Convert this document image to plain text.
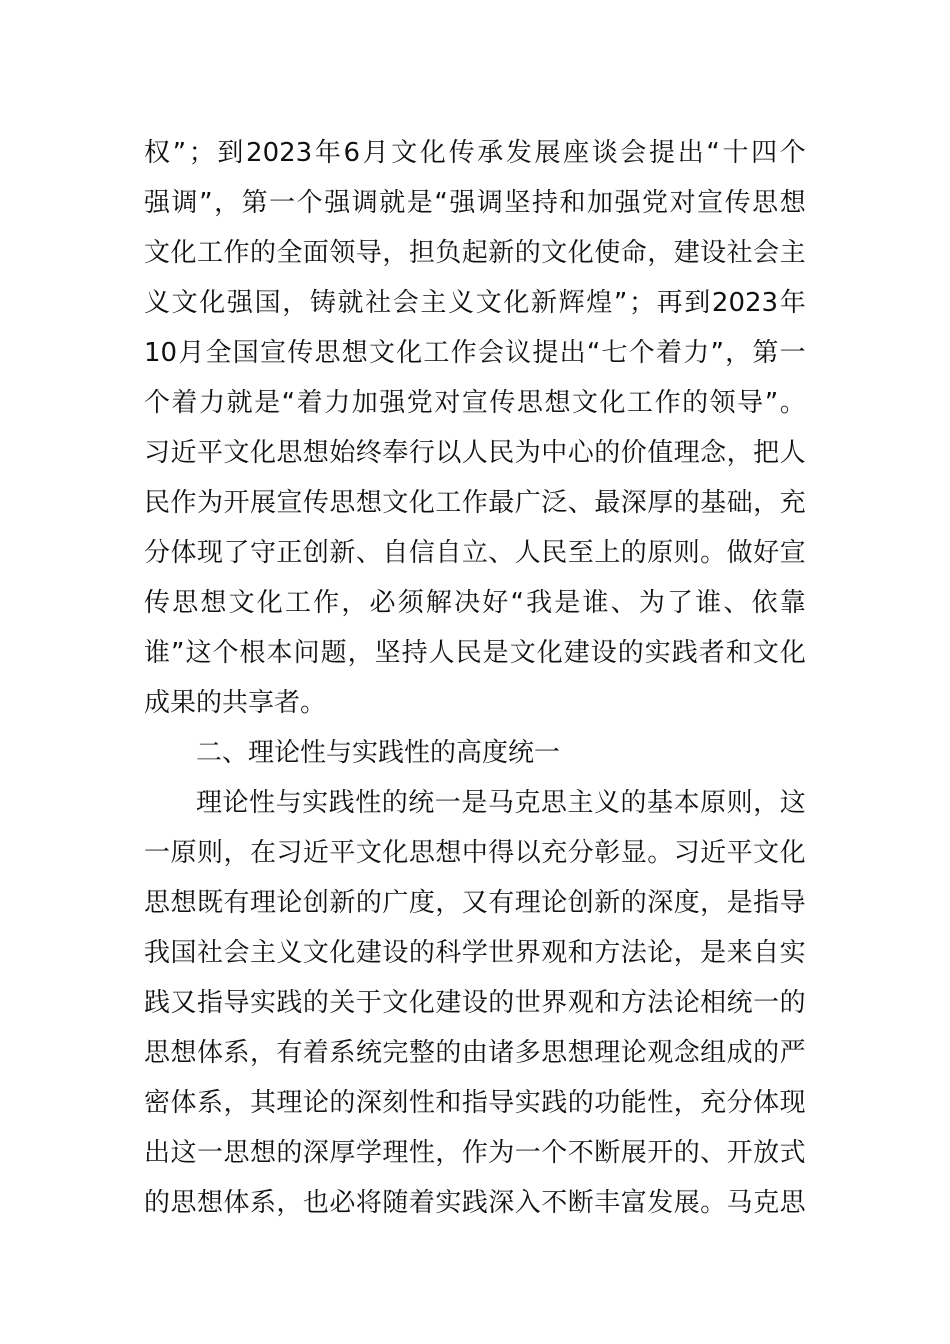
权 ” ； 到 2023 年 6 月 文 化 传 承 发 展 座 谈 会 提 出 “ 十 四 个
强 调 ” ， 第 一 个 强 调 就 是 “ 强 调 坚 持 和 加 强 党 对 宣 传 思 想
文 化 工 作 的 全 面 领 导 ， 担 负 起 新 的 文 化 使 命 ， 建 设 社 会 主
义 文 化 强 国 ， 铸 就 社 会 主 义 文 化 新 辉 煌 ” ； 再 到 2023 年
10 月 全 国 宣 传 思 想 文 化 工 作 会 议 提 出 “ 七 个 着 力 ” ， 第 一
个 着 力 就 是 “ 着 力 加 强 党 对 宣 传 思 想 文 化 工 作 的 领 导 ” 。
习 近 平 文 化 思 想 始 终 奉 行 以 人 民 为 中 心 的 价 值 理 念 ， 把 人
民 作 为 开 展 宣 传 思 想 文 化 工 作 最 广 泛 、 最 深 厚 的 基 础 ， 充
分 体 现 了 守 正 创 新 、 自 信 自 立 、 人 民 至 上 的 原 则 。 做 好 宣
传 思 想 文 化 工 作 ， 必 须 解 决 好 “ 我 是 谁 、 为 了 谁 、 依 靠
谁 ” 这 个 根 本 问 题 ， 坚 持 人 民 是 文 化 建 设 的 实 践 者 和 文 化
成果的共享者。
二、理论性与实践性的高度统一
理 论 性 与 实 践 性 的 统 一 是 马 克 思 主 义 的 基 本 原 则 ， 这
一 原 则 ， 在 习 近 平 文 化 思 想 中 得 以 充 分 彰 显 。 习 近 平 文 化
思 想 既 有 理 论 创 新 的 广 度 ， 又 有 理 论 创 新 的 深 度 ， 是 指 导
我 国 社 会 主 义 文 化 建 设 的 科 学 世 界 观 和 方 法 论 ， 是 来 自 实
践 又 指 导 实 践 的 关 于 文 化 建 设 的 世 界 观 和 方 法 论 相 统 一 的
思 想 体 系 ， 有 着 系 统 完 整 的 由 诸 多 思 想 理 论 观 念 组 成 的 严
密 体 系 ， 其 理 论 的 深 刻 性 和 指 导 实 践 的 功 能 性 ， 充 分 体 现
出 这 一 思 想 的 深 厚 学 理 性 ， 作 为 一 个 不 断 展 开 的 、 开 放 式
的 思 想 体 系 ， 也 必 将 随 着 实 践 深 入 不 断 丰 富 发 展 。 马 克 思
